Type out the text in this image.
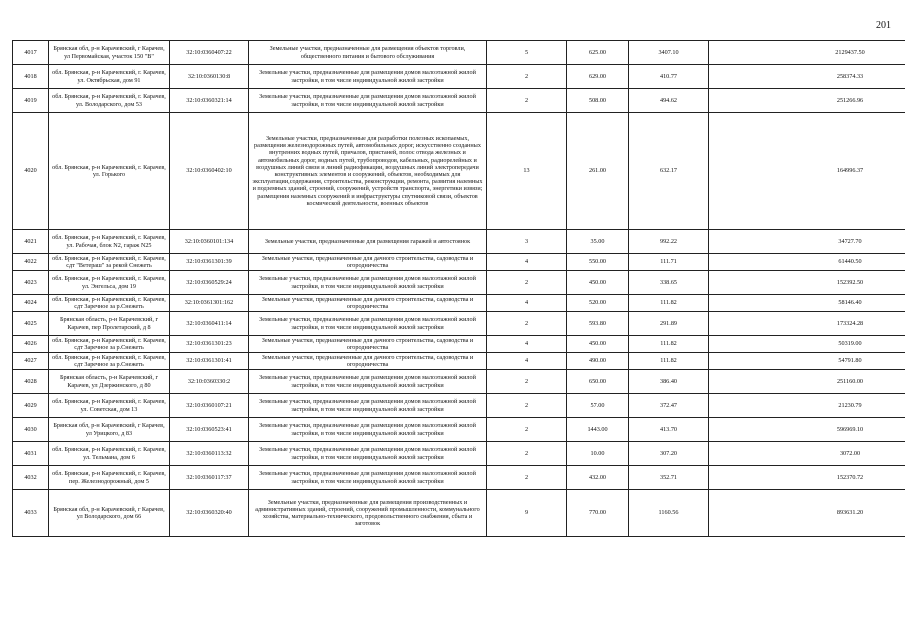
201
4017	Брянская обл, р-н Карачевский, г Карачев, ул Первомайская, участок 150 "В"	32:10:0360407:22	Земельные участки, предназначенные для размещения объектов торговли, общественного питания и бытового обслуживания	5	625.00	3407.10	2129437.50
4018	обл. Брянская, р-н Карачевский, г. Карачев, ул. Октябрьская, дом 91	32:10:0360130:8	Земельные участки, предназначенные для размещения домов малоэтажной жилой застройки, в том числе индивидуальной жилой застройки	2	629.00	410.77	258374.33
4019	обл. Брянская, р-н Карачевский, г. Карачев, ул. Володарского, дом 53	32:10:0360321:14	Земельные участки, предназначенные для размещения домов малоэтажной жилой застройки, в том числе индивидуальной жилой застройки	2	508.00	494.62	251266.96
4020	обл. Брянская, р-н Карачевский, г. Карачев, ул. Горького	32:10:0360402:10	Земельные участки, предназначенные для разработки полезных ископаемых, размещения железнодорожных путей, автомобильных дорог, искусственно созданных внутренних водных путей, причалов, пристаней, полос отвода железных и автомобильных дорог, водных путей, трубопроводов, кабельных, радиорелейных и воздушных линий связи и линий радиофикации, воздушных линий электропередачи конструктивных элементов и сооружений, объектов, необходимых для эксплуатации,содержания, строительства, реконструкции, ремонта, развития наземных и подземных зданий, строений, сооружений, устройств транспорта, энергетики извязи; размещения наземных сооружений и инфраструктуры спутниковой связи, объектов космической деятельности, военных объектов	13	261.00	632.17	164996.37
4021	обл. Брянская, р-н Карачевский, г. Карачев, ул. Рабочая, блок N2, гараж N25	32:10:0360101:134	Земельные участки, предназначенные для размещения гаражей и автостоянок	3	35.00	992.22	34727.70
4022	обл. Брянская, р-н Карачевский, г. Карачев, сдт "Ветераш" за рекой Снежеть	32:10:0361301:39	Земельные участки, предназначенные для дачного строительства, садоводства и огородничества	4	550.00	111.71	61440.50
4023	обл. Брянская, р-н Карачевский, г. Карачев, ул. Энгельса, дом 19	32:10:0360529:24	Земельные участки, предназначенные для размещения домов малоэтажной жилой застройки, в том числе индивидуальной жилой застройки	2	450.00	338.65	152392.50
4024	обл. Брянская, р-н Карачевский, г. Карачев, сдт Заречное за р.Снежеть	32:10:0361301:162	Земельные участки, предназначенные для дачного строительства, садоводства и огородничества	4	520.00	111.82	58146.40
4025	Брянская область, р-н Карачевский, г Карачев, пер Пролетарский, д 8	32:10:0360411:14	Земельные участки, предназначенные для размещения домов малоэтажной жилой застройки, в том числе индивидуальной жилой застройки	2	593.80	291.89	173324.28
4026	обл. Брянская, р-н Карачевский, г. Карачев, сдт Заречное за р.Снежеть	32:10:0361301:23	Земельные участки, предназначенные для дачного строительства, садоводства и огородничества	4	450.00	111.82	50319.00
4027	обл. Брянская, р-н Карачевский, г. Карачев, сдт Заречное за р.Снежеть	32:10:0361301:41	Земельные участки, предназначенные для дачного строительства, садоводства и огородничества	4	490.00	111.82	54791.80
4028	Брянская область, р-н Карачевский, г Карачев, ул Дзержинского, д 80	32:10:0360330:2	Земельные участки, предназначенные для размещения домов малоэтажной жилой застройки, в том числе индивидуальной жилой застройки	2	650.00	386.40	251160.00
4029	обл. Брянская, р-н Карачевский, г. Карачев, ул. Советская, дом 13	32:10:0360107:21	Земельные участки, предназначенные для размещения домов малоэтажной жилой застройки, в том числе индивидуальной жилой застройки	2	57.00	372.47	21230.79
4030	Брянская обл, р-н Карачевский, г Карачев, ул Урицкого, д 83	32:10:0360523:41	Земельные участки, предназначенные для размещения домов малоэтажной жилой застройки, в том числе индивидуальной жилой застройки	2	1443.00	413.70	596969.10
4031	обл. Брянская, р-н Карачевский, г. Карачев, ул. Тельмана, дом 6	32:10:0360113:32	Земельные участки, предназначенные для размещения домов малоэтажной жилой застройки, в том числе индивидуальной жилой застройки	2	10.00	307.20	3072.00
4032	обл. Брянская, р-н Карачевский, г. Карачев, пер. Железнодорожный, дом 5	32:10:0360117:37	Земельные участки, предназначенные для размещения домов малоэтажной жилой застройки, в том числе индивидуальной жилой застройки	2	432.00	352.71	152370.72
4033	Брянская обл, р-н Карачевский, г Карачев, ул Володарского, дом 66	32:10:0360320:40	Земельные участки, предназначенные для размещения производственных и административных зданий, строений, сооружений промышленности, коммунального хозяйства, материально-технического, продовольственного снабжения, сбыта и заготовок	9	770.00	1160.56	893631.20
